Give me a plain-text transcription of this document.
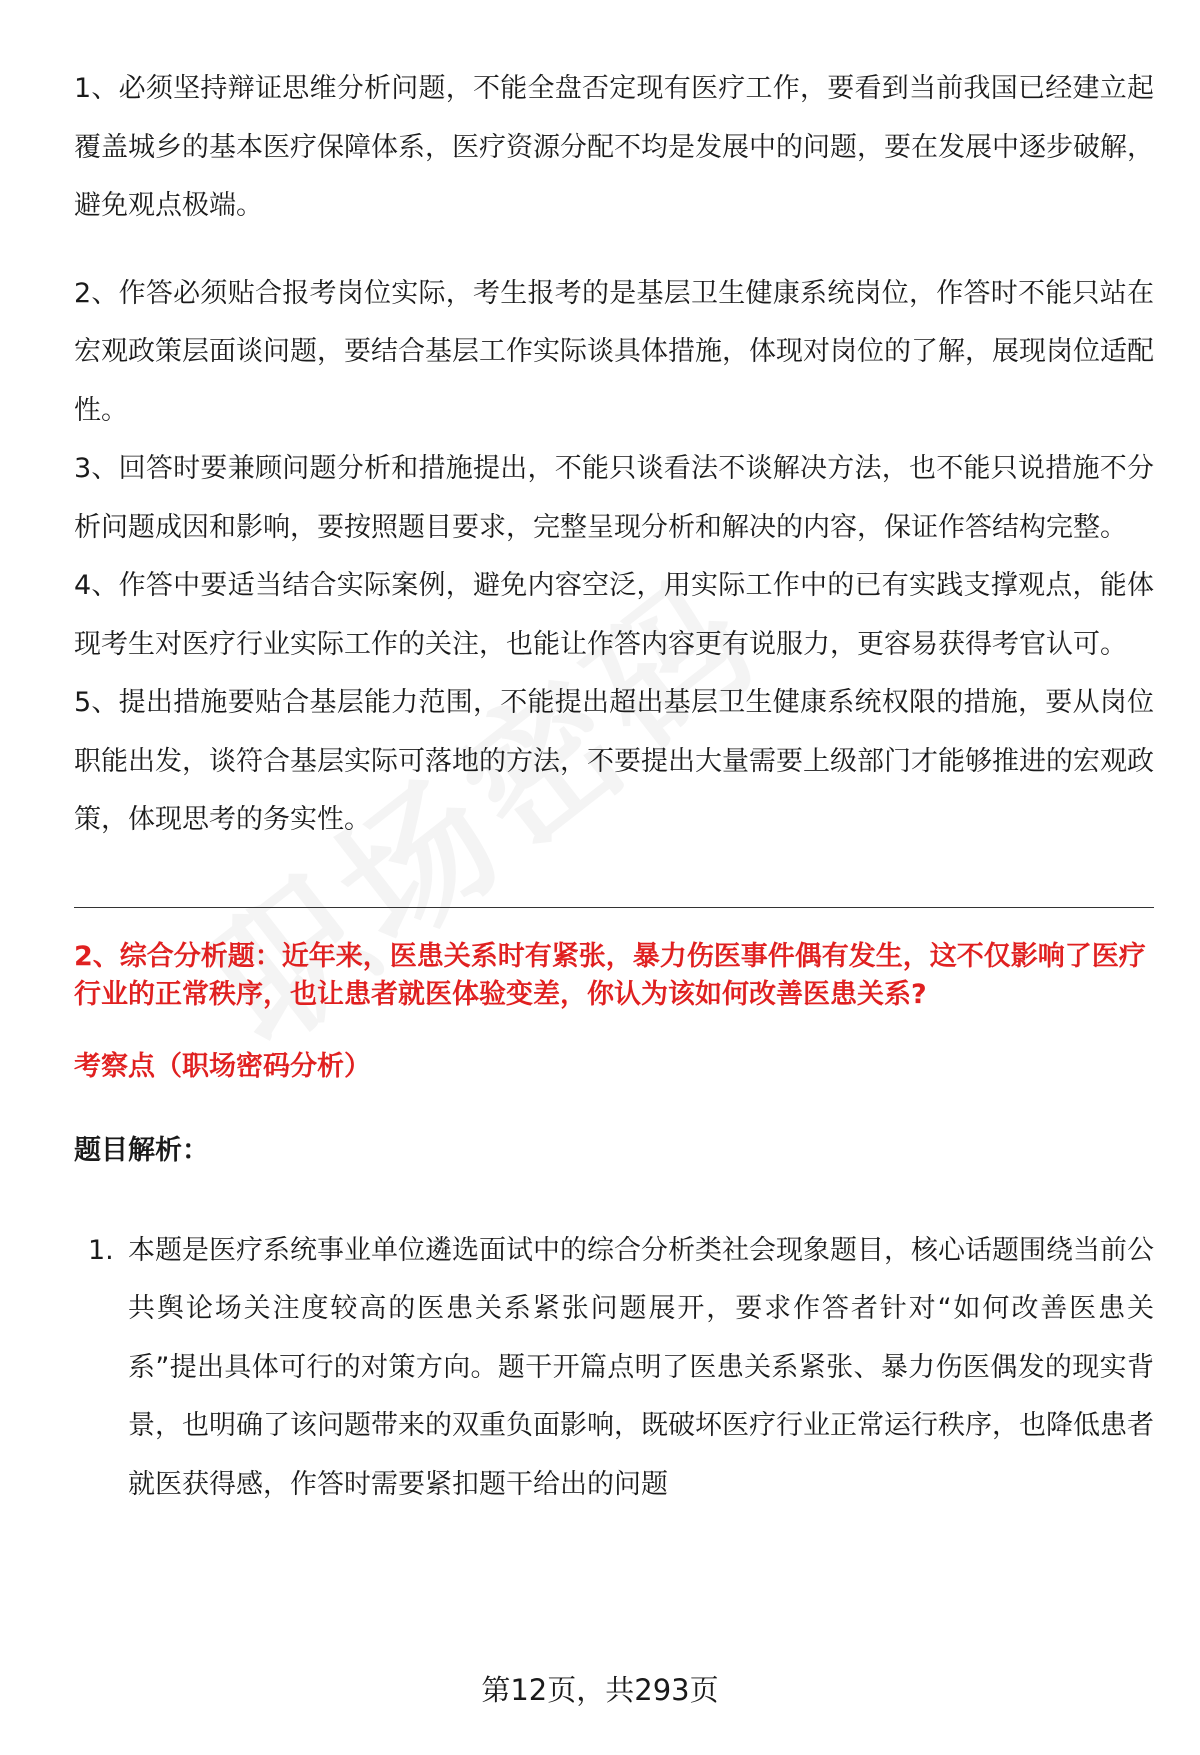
1、必须坚持辩证思维分析问题，不能全盘否定现有医疗工作，要看到当前我国已经建立起覆盖城乡的基本医疗保障体系，医疗资源分配不均是发展中的问题，要在发展中逐步破解，避免观点极端。

2、作答必须贴合报考岗位实际，考生报考的是基层卫生健康系统岗位，作答时不能只站在宏观政策层面谈问题，要结合基层工作实际谈具体措施，体现对岗位的了解，展现岗位适配性。

3、回答时要兼顾问题分析和措施提出，不能只谈看法不谈解决方法，也不能只说措施不分析问题成因和影响，要按照题目要求，完整呈现分析和解决的内容，保证作答结构完整。

4、作答中要适当结合实际案例，避免内容空泛，用实际工作中的已有实践支撑观点，能体现考生对医疗行业实际工作的关注，也能让作答内容更有说服力，更容易获得考官认可。

5、提出措施要贴合基层能力范围，不能提出超出基层卫生健康系统权限的措施，要从岗位职能出发，谈符合基层实际可落地的方法，不要提出大量需要上级部门才能够推进的宏观政策，体现思考的务实性。

2、综合分析题：近年来，医患关系时有紧张，暴力伤医事件偶有发生，这不仅影响了医疗行业的正常秩序，也让患者就医体验变差，你认为该如何改善医患关系?

考察点（职场密码分析）

题目解析：

1. 本题是医疗系统事业单位遴选面试中的综合分析类社会现象题目，核心话题围绕当前公共舆论场关注度较高的医患关系紧张问题展开，要求作答者针对“如何改善医患关系”提出具体可行的对策方向。题干开篇点明了医患关系紧张、暴力伤医偶发的现实背景，也明确了该问题带来的双重负面影响，既破坏医疗行业正常运行秩序，也降低患者就医获得感，作答时需要紧扣题干给出的问题

第12页，共293页
